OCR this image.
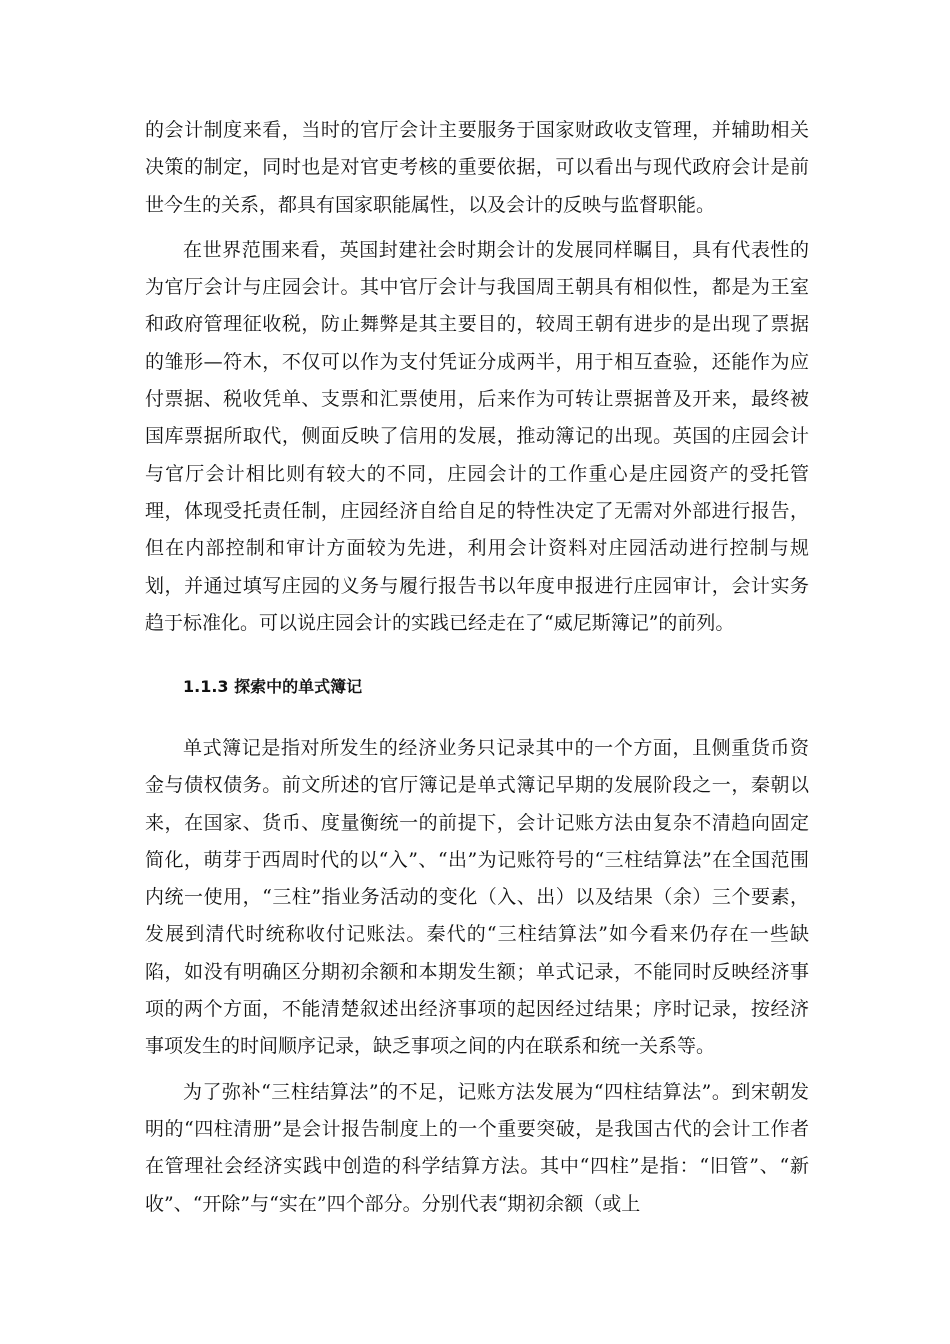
的会计制度来看，当时的官厅会计主要服务于国家财政收支管理，并辅助相关决策的制定，同时也是对官吏考核的重要依据，可以看出与现代政府会计是前世今生的关系，都具有国家职能属性，以及会计的反映与监督职能。

在世界范围来看，英国封建社会时期会计的发展同样瞩目，具有代表性的为官厅会计与庄园会计。其中官厅会计与我国周王朝具有相似性，都是为王室和政府管理征收税，防止舞弊是其主要目的，较周王朝有进步的是出现了票据的雏形—符木，不仅可以作为支付凭证分成两半，用于相互查验，还能作为应付票据、税收凭单、支票和汇票使用，后来作为可转让票据普及开来，最终被国库票据所取代，侧面反映了信用的发展，推动簿记的出现。英国的庄园会计与官厅会计相比则有较大的不同，庄园会计的工作重心是庄园资产的受托管理，体现受托责任制，庄园经济自给自足的特性决定了无需对外部进行报告，但在内部控制和审计方面较为先进，利用会计资料对庄园活动进行控制与规划，并通过填写庄园的义务与履行报告书以年度申报进行庄园审计，会计实务趋于标准化。可以说庄园会计的实践已经走在了“威尼斯簿记”的前列。

1.1.3 探索中的单式簿记

单式簿记是指对所发生的经济业务只记录其中的一个方面，且侧重货币资金与债权债务。前文所述的官厅簿记是单式簿记早期的发展阶段之一，秦朝以来，在国家、货币、度量衡统一的前提下，会计记账方法由复杂不清趋向固定简化，萌芽于西周时代的以“入”、“出”为记账符号的“三柱结算法”在全国范围内统一使用，“三柱”指业务活动的变化（入、出）以及结果（余）三个要素，发展到清代时统称收付记账法。秦代的“三柱结算法”如今看来仍存在一些缺陷，如没有明确区分期初余额和本期发生额；单式记录，不能同时反映经济事项的两个方面，不能清楚叙述出经济事项的起因经过结果；序时记录，按经济事项发生的时间顺序记录，缺乏事项之间的内在联系和统一关系等。

为了弥补“三柱结算法”的不足，记账方法发展为“四柱结算法”。到宋朝发明的“四柱清册”是会计报告制度上的一个重要突破，是我国古代的会计工作者在管理社会经济实践中创造的科学结算方法。其中“四柱”是指：“旧管”、“新收”、“开除”与“实在”四个部分。分别代表“期初余额（或上
